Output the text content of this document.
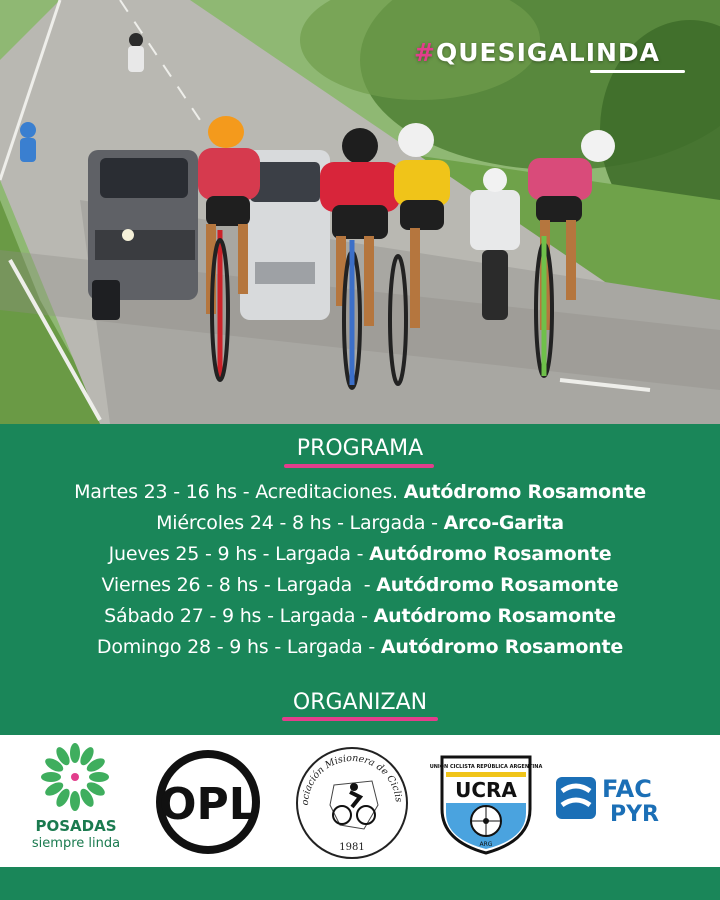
#QUESIGALINDA
PROGRAMA
Martes 23 - 16 hs - Acreditaciones. Autódromo Rosamonte
Miércoles 24 - 8 hs - Largada - Arco-Garita
Jueves 25 - 9 hs - Largada - Autódromo Rosamonte
Viernes 26 - 8 hs - Largada  - Autódromo Rosamonte
Sábado 27 - 9 hs - Largada - Autódromo Rosamonte
Domingo 28 - 9 hs - Largada - Autódromo Rosamonte
ORGANIZAN
POSADAS
siempre linda
OPL	ociación Misionera de Ciclis
1981
UNION CICLISTA REPÚBLICA ARGENTINA
UCRA
ARG
FAC
PYR
